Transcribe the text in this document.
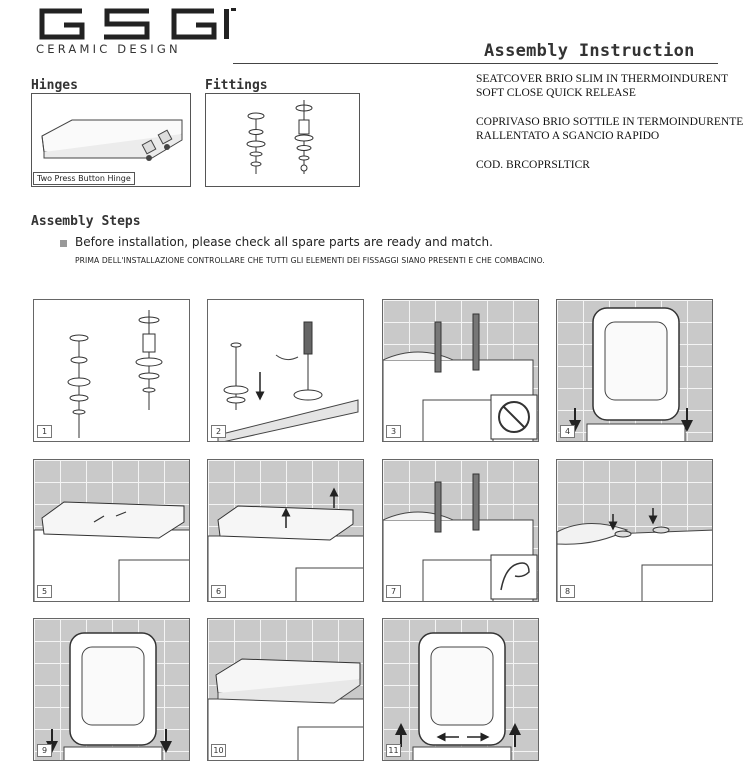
CERAMIC DESIGN	Assembly Instruction
SEATCOVER BRIO SLIM IN THERMOINDURENT
SOFT CLOSE QUICK RELEASE
COPRIVASO BRIO SOTTILE IN TERMOINDURENTE
RALLENTATO A SGANCIO RAPIDO
COD. BRCOPRSLTICR
Hinges
Two Press Button Hinge
Fittings
Assembly Steps
Before installation, please check all spare parts are ready and match.
PRIMA DELL'INSTALLAZIONE CONTROLLARE CHE TUTTI GLI ELEMENTI DEI FISSAGGI SIANO PRESENTI E CHE COMBACINO.
1	2	3	4
5	6	7	8
9	10	11
